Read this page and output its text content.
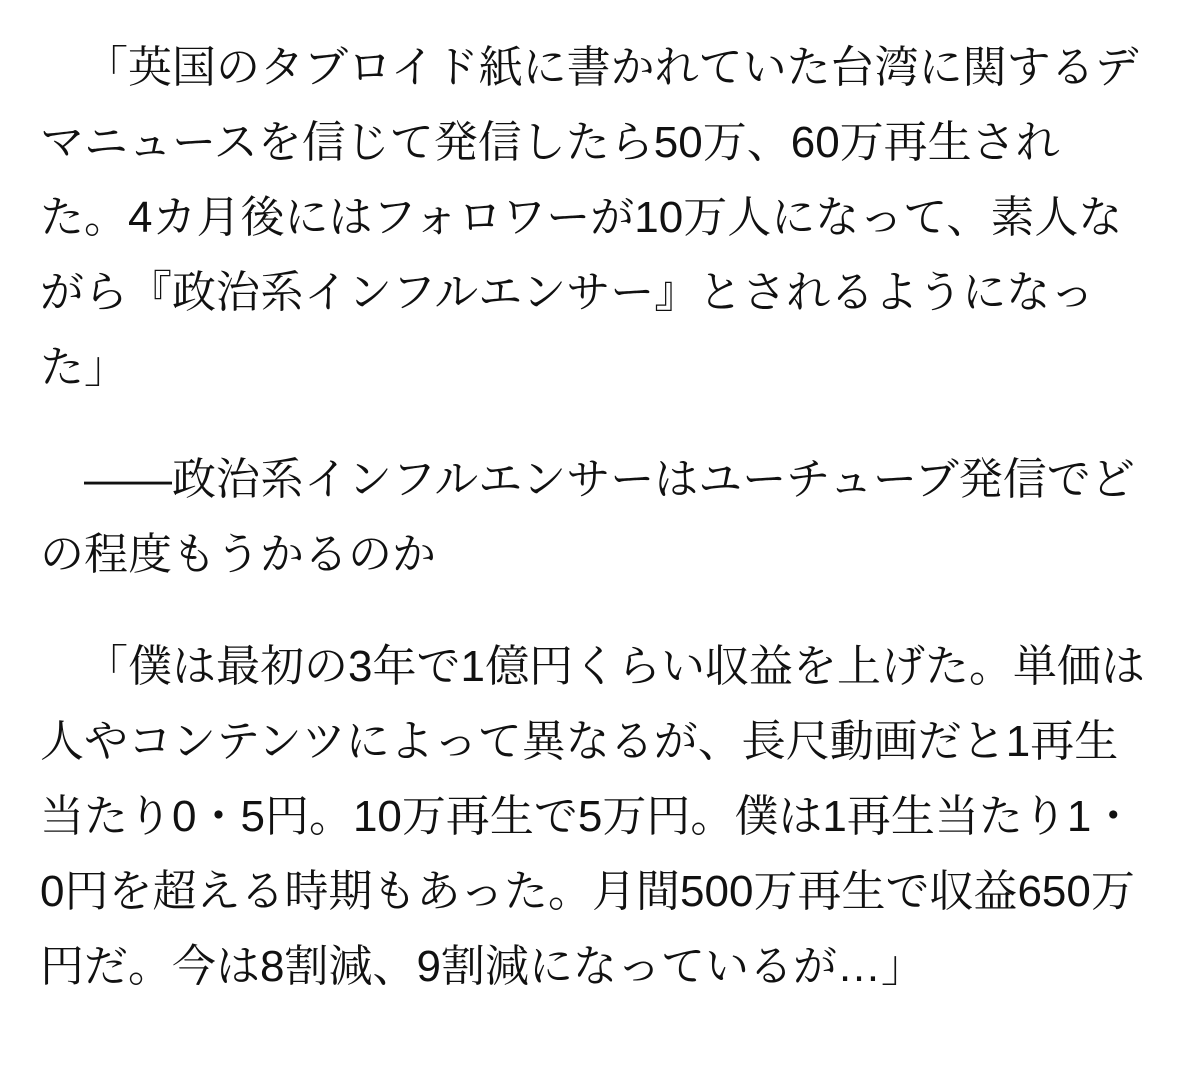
「英国のタブロイド紙に書かれていた台湾に関するデ
マニュースを信じて発信したら50万、60万再生され
た。4カ月後にはフォロワーが10万人になって、素人な
がら『政治系インフルエンサー』とされるようになっ
た」
――政治系インフルエンサーはユーチューブ発信でど
の程度もうかるのか
「僕は最初の3年で1億円くらい収益を上げた。単価は
人やコンテンツによって異なるが、長尺動画だと1再生
当たり0・5円。10万再生で5万円。僕は1再生当たり1・
0円を超える時期もあった。月間500万再生で収益650万
円だ。今は8割減、9割減になっているが…」
